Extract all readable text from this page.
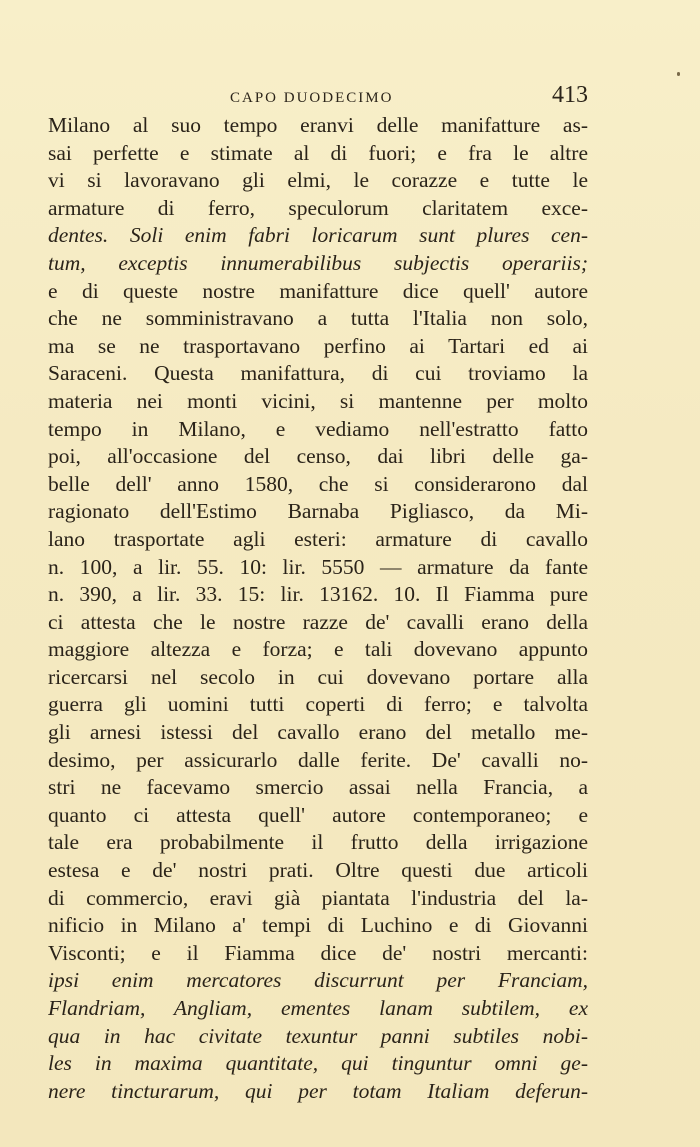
CAPO DUODECIMO	413
Milano al suo tempo eranvi delle manifatture as-
sai perfette e stimate al di fuori; e fra le altre
vi si lavoravano gli elmi, le corazze e tutte le
armature di ferro, speculorum claritatem exce-
dentes. Soli enim fabri loricarum sunt plures cen-
tum, exceptis innumerabilibus subjectis operariis;
e di queste nostre manifatture dice quell' autore
che ne somministravano a tutta l'Italia non solo,
ma se ne trasportavano perfino ai Tartari ed ai
Saraceni. Questa manifattura, di cui troviamo la
materia nei monti vicini, si mantenne per molto
tempo in Milano, e vediamo nell'estratto fatto
poi, all'occasione del censo, dai libri delle ga-
belle dell' anno 1580, che si considerarono dal
ragionato dell'Estimo Barnaba Pigliasco, da Mi-
lano trasportate agli esteri: armature di cavallo
n. 100, a lir. 55. 10: lir. 5550 — armature da fante
n. 390, a lir. 33. 15: lir. 13162. 10. Il Fiamma pure
ci attesta che le nostre razze de' cavalli erano della
maggiore altezza e forza; e tali dovevano appunto
ricercarsi nel secolo in cui dovevano portare alla
guerra gli uomini tutti coperti di ferro; e talvolta
gli arnesi istessi del cavallo erano del metallo me-
desimo, per assicurarlo dalle ferite. De' cavalli no-
stri ne facevamo smercio assai nella Francia, a
quanto ci attesta quell' autore contemporaneo; e
tale era probabilmente il frutto della irrigazione
estesa e de' nostri prati. Oltre questi due articoli
di commercio, eravi già piantata l'industria del la-
nificio in Milano a' tempi di Luchino e di Giovanni
Visconti; e il Fiamma dice de' nostri mercanti:
ipsi enim mercatores discurrunt per Franciam,
Flandriam, Angliam, ementes lanam subtilem, ex
qua in hac civitate texuntur panni subtiles nobi-
les in maxima quantitate, qui tinguntur omni ge-
nere tincturarum, qui per totam Italiam deferun-
